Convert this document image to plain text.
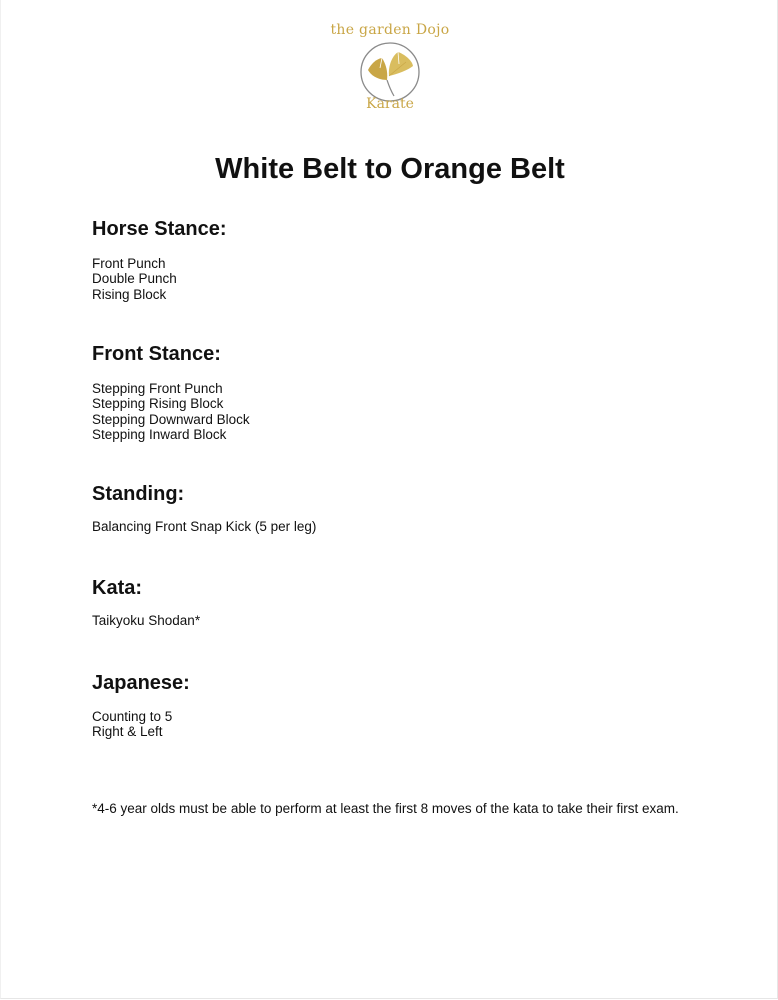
the garden Dojo
Karate
White Belt to Orange Belt
Horse Stance:
Front Punch
Double Punch
Rising Block
Front Stance:
Stepping Front Punch
Stepping Rising Block
Stepping Downward Block
Stepping Inward Block
Standing:
Balancing Front Snap Kick (5 per leg)
Kata:
Taikyoku Shodan*
Japanese:
Counting to 5
Right & Left
*4-6 year olds must be able to perform at least the first 8 moves of the kata to take their first exam.
